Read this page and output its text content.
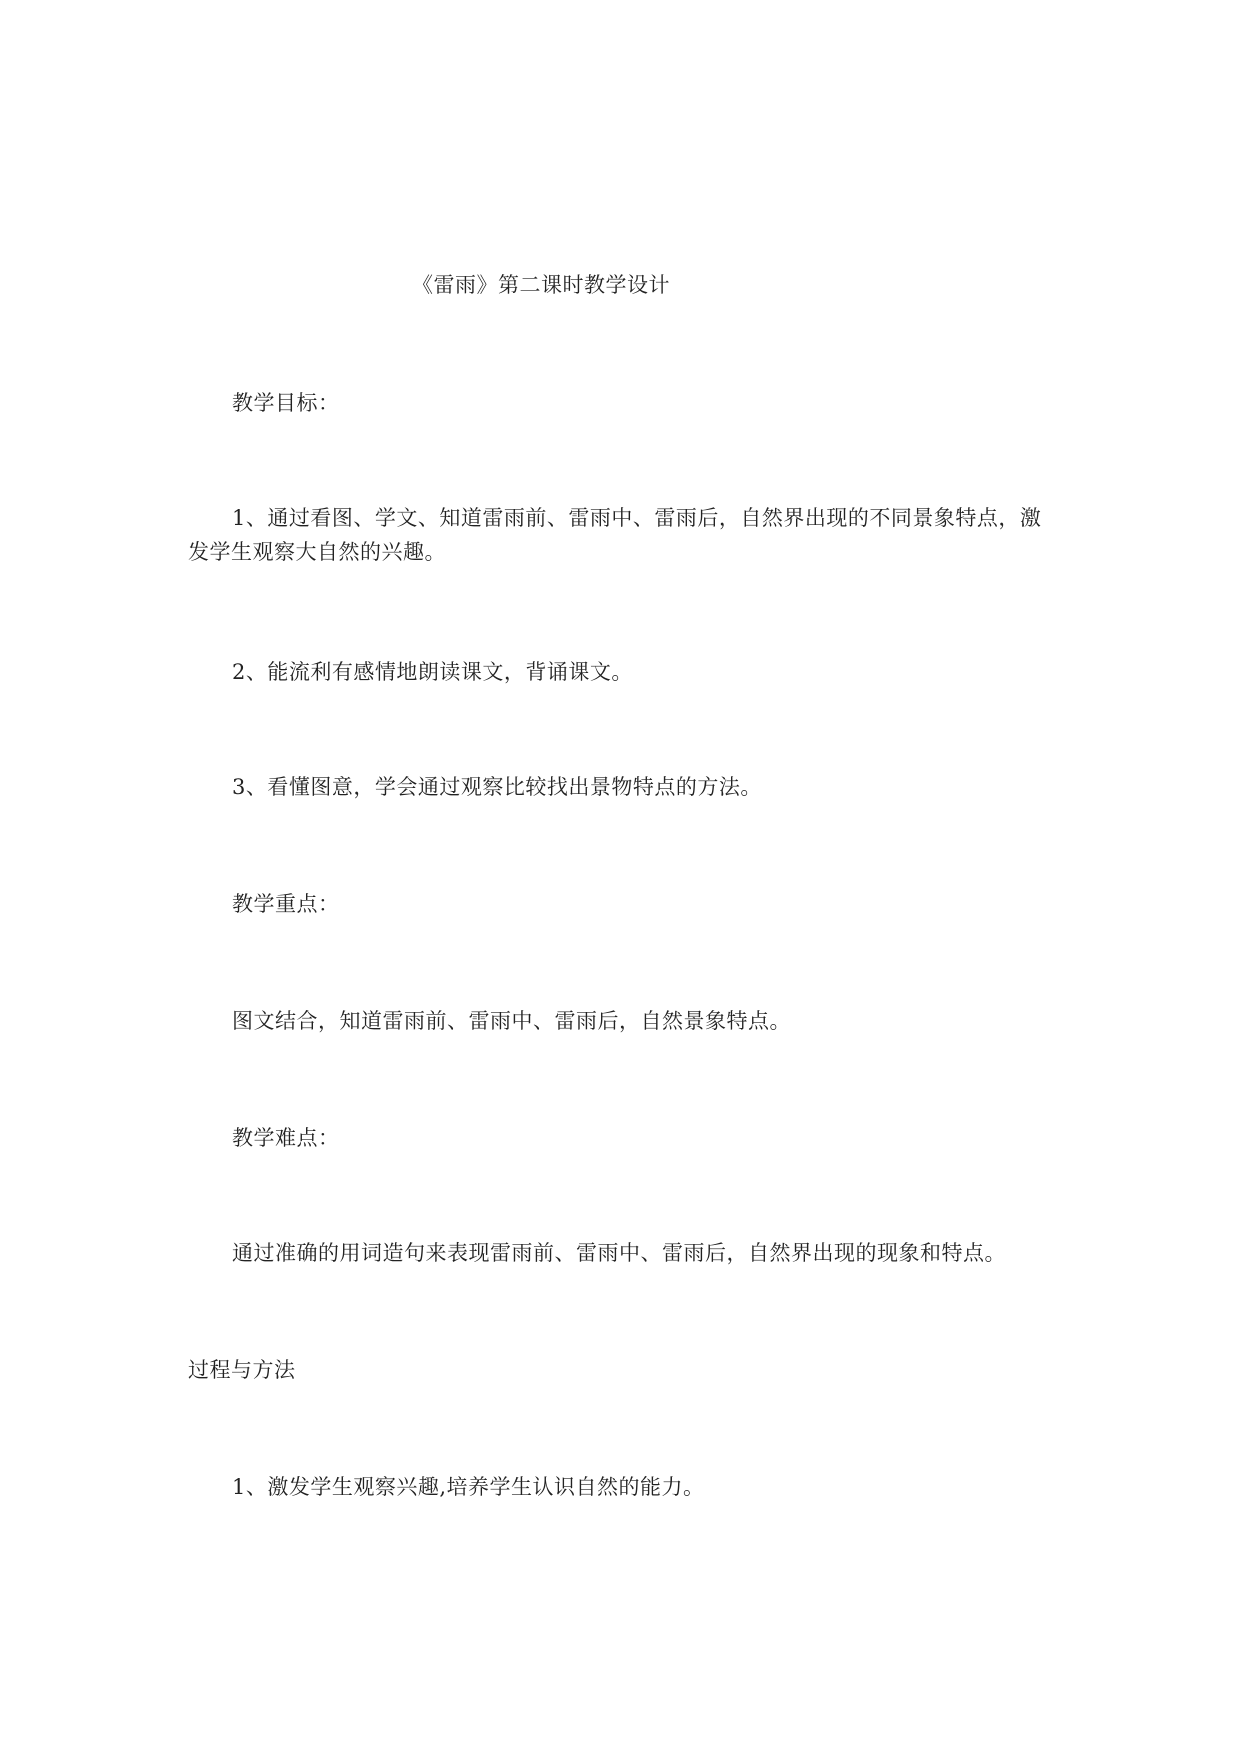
《雷雨》第二课时教学设计
教学目标：
1、通过看图、学文、知道雷雨前、雷雨中、雷雨后，自然界出现的不同景象特点，激发学生观察大自然的兴趣。
2、能流利有感情地朗读课文，背诵课文。
3、看懂图意，学会通过观察比较找出景物特点的方法。
教学重点：
图文结合，知道雷雨前、雷雨中、雷雨后，自然景象特点。
教学难点：
通过准确的用词造句来表现雷雨前、雷雨中、雷雨后，自然界出现的现象和特点。
过程与方法
1、激发学生观察兴趣,培养学生认识自然的能力。
